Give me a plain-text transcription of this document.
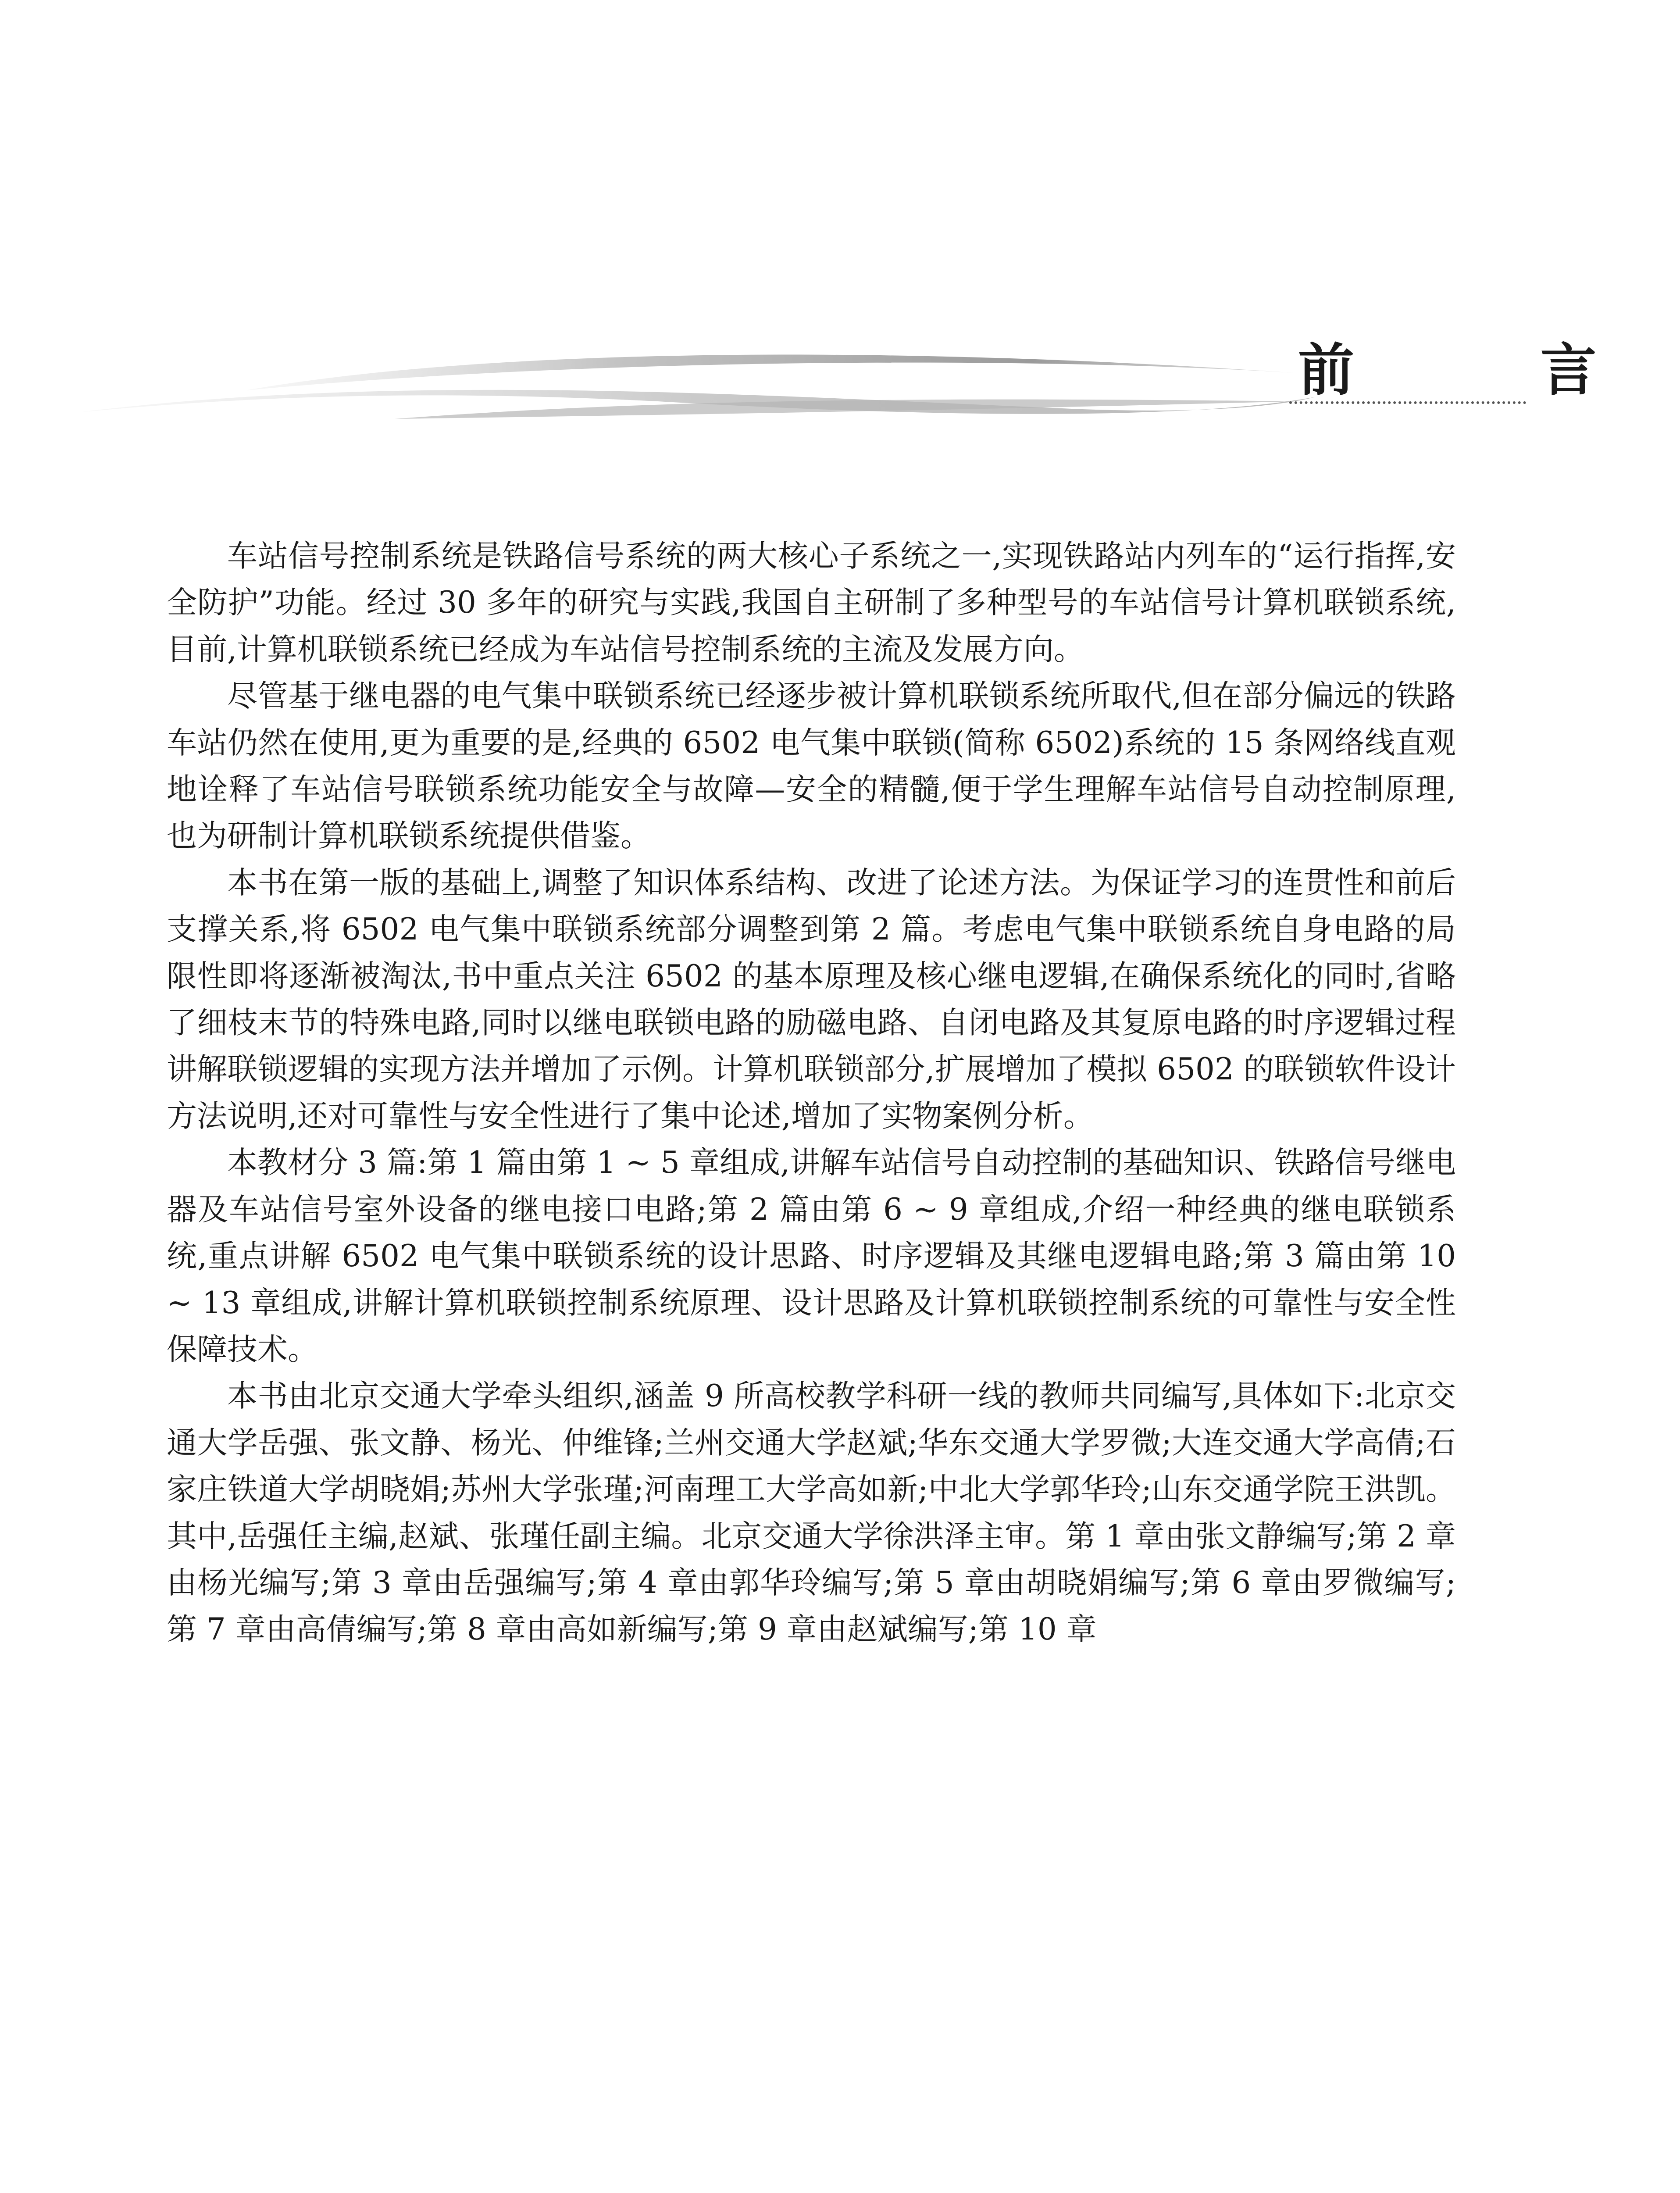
前 言

车站信号控制系统是铁路信号系统的两大核心子系统之一,实现铁路站内列车的“运行指挥,安全防护”功能。经过 30 多年的研究与实践,我国自主研制了多种型号的车站信号计算机联锁系统,目前,计算机联锁系统已经成为车站信号控制系统的主流及发展方向。

尽管基于继电器的电气集中联锁系统已经逐步被计算机联锁系统所取代,但在部分偏远的铁路车站仍然在使用,更为重要的是,经典的 6502 电气集中联锁(简称 6502)系统的 15 条网络线直观地诠释了车站信号联锁系统功能安全与故障—安全的精髓,便于学生理解车站信号自动控制原理,也为研制计算机联锁系统提供借鉴。

本书在第一版的基础上,调整了知识体系结构、改进了论述方法。为保证学习的连贯性和前后支撑关系,将 6502 电气集中联锁系统部分调整到第 2 篇。考虑电气集中联锁系统自身电路的局限性即将逐渐被淘汰,书中重点关注 6502 的基本原理及核心继电逻辑,在确保系统化的同时,省略了细枝末节的特殊电路,同时以继电联锁电路的励磁电路、自闭电路及其复原电路的时序逻辑过程讲解联锁逻辑的实现方法并增加了示例。计算机联锁部分,扩展增加了模拟 6502 的联锁软件设计方法说明,还对可靠性与安全性进行了集中论述,增加了实物案例分析。

本教材分 3 篇:第 1 篇由第 1 ~ 5 章组成,讲解车站信号自动控制的基础知识、铁路信号继电器及车站信号室外设备的继电接口电路;第 2 篇由第 6 ~ 9 章组成,介绍一种经典的继电联锁系统,重点讲解 6502 电气集中联锁系统的设计思路、时序逻辑及其继电逻辑电路;第 3 篇由第 10 ~ 13 章组成,讲解计算机联锁控制系统原理、设计思路及计算机联锁控制系统的可靠性与安全性保障技术。

本书由北京交通大学牵头组织,涵盖 9 所高校教学科研一线的教师共同编写,具体如下:北京交通大学岳强、张文静、杨光、仲维锋;兰州交通大学赵斌;华东交通大学罗微;大连交通大学高倩;石家庄铁道大学胡晓娟;苏州大学张瑾;河南理工大学高如新;中北大学郭华玲;山东交通学院王洪凯。其中,岳强任主编,赵斌、张瑾任副主编。北京交通大学徐洪泽主审。第 1 章由张文静编写;第 2 章由杨光编写;第 3 章由岳强编写;第 4 章由郭华玲编写;第 5 章由胡晓娟编写;第 6 章由罗微编写;第 7 章由高倩编写;第 8 章由高如新编写;第 9 章由赵斌编写;第 10 章
